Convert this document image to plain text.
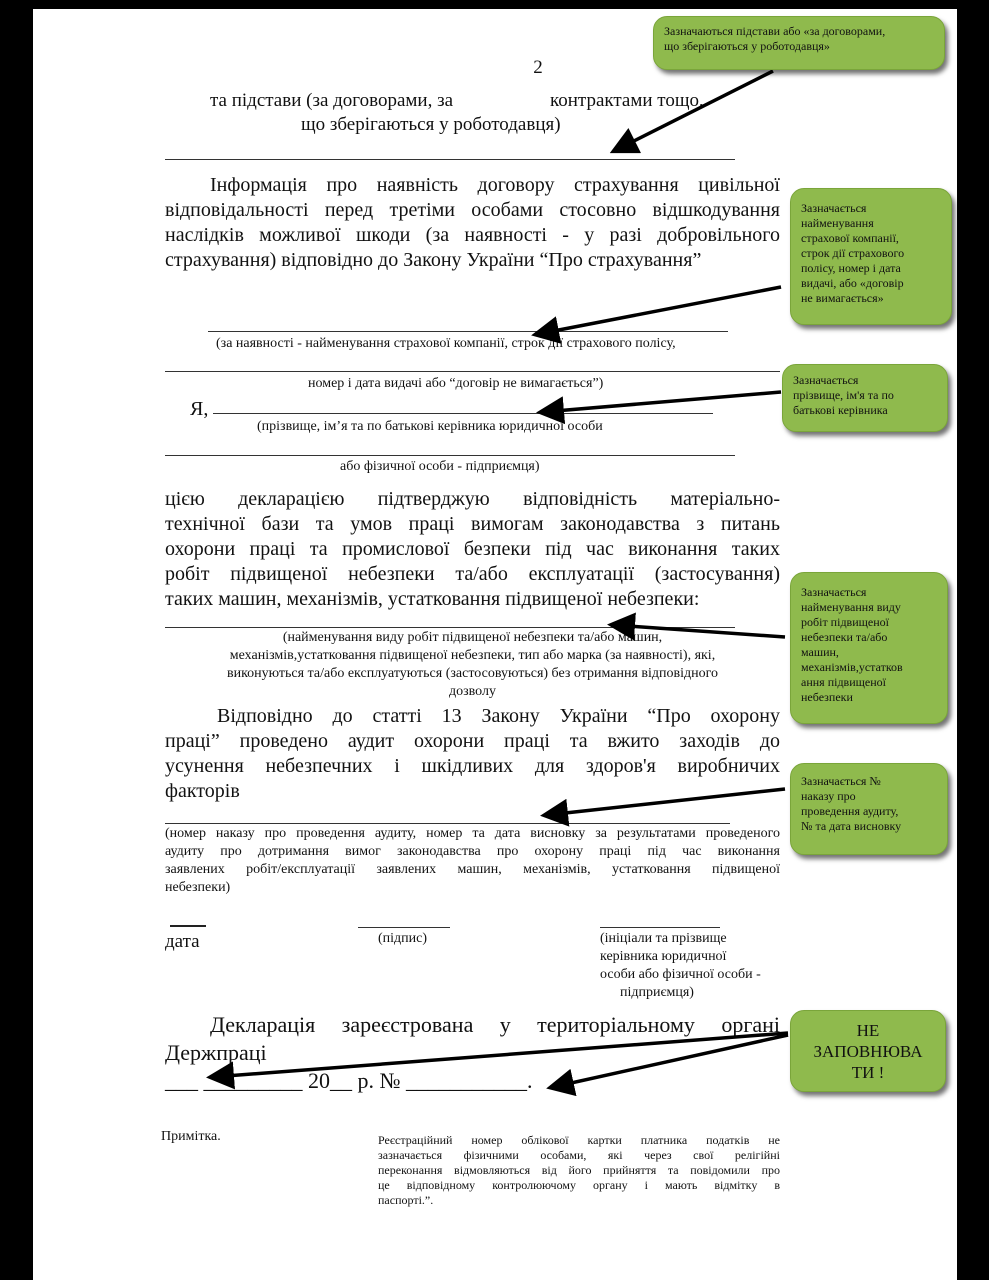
2
та підстави (за договорами, за	контрактами тощо,
що зберігаються у роботодавця)
Інформація про наявність договору страхування цивільної
відповідальності перед третіми особами стосовно відшкодування
наслідків можливої шкоди (за наявності - у разі добровільного
страхування) відповідно до Закону України “Про страхування”
(за наявності - найменування страхової компанії, строк дії страхового полісу,
номер і дата видачі або “договір не вимагається”)
Я,
(прізвище, ім’я та по батькові керівника юридичної особи
або фізичної особи - підприємця)
цією декларацією підтверджую відповідність матеріально-
технічної бази та умов праці вимогам законодавства з питань
охорони праці та промислової безпеки під час виконання таких
робіт підвищеної небезпеки та/або експлуатації (застосування)
таких машин, механізмів, устатковання підвищеної небезпеки:
(найменування виду робіт підвищеної небезпеки та/або машин,
механізмів,устатковання підвищеної небезпеки, тип або марка (за наявності), які,
виконуються та/або експлуатуються (застосовуються) без отримання відповідного
дозволу
Відповідно до статті 13 Закону України “Про охорону
праці” проведено аудит охорони праці та вжито заходів до
усунення небезпечних і шкідливих для здоров'я виробничих
факторів
(номер наказу про проведення аудиту, номер та дата висновку за результатами проведеного
аудиту про дотримання вимог законодавства про охорону праці під час виконання
заявлених робіт/експлуатації заявлених машин, механізмів, устатковання підвищеної
небезпеки)
дата	(підпис)	(ініціали та прізвище
керівника юридичної
особи або фізичної особи -
підприємця)
Декларація зареєстрована у територіальному органі
Держпраці
___ _________ 20__ р. № ___________.
Примітка.	Реєстраційний номер облікової картки платника податків не
зазначається фізичними особами, які через свої релігійні
переконання відмовляються від його прийняття та повідомили про
це відповідному контролюючому органу і мають відмітку в
паспорті.”.
Зазначаються підстави або «за договорами,
що зберігаються у роботодавця»
Зазначається
найменування
страхової компанії,
строк дії страхового
полісу, номер і дата
видачі, або «договір
не вимагається»
Зазначається
прізвище, ім'я та по
батькові керівника
Зазначається
найменування виду
робіт підвищеної
небезпеки та/або
машин,
механізмів,устатков
ання підвищеної
небезпеки
Зазначається №
наказу про
проведення аудиту,
№ та дата висновку
НЕ
ЗАПОВНЮВА
ТИ !
